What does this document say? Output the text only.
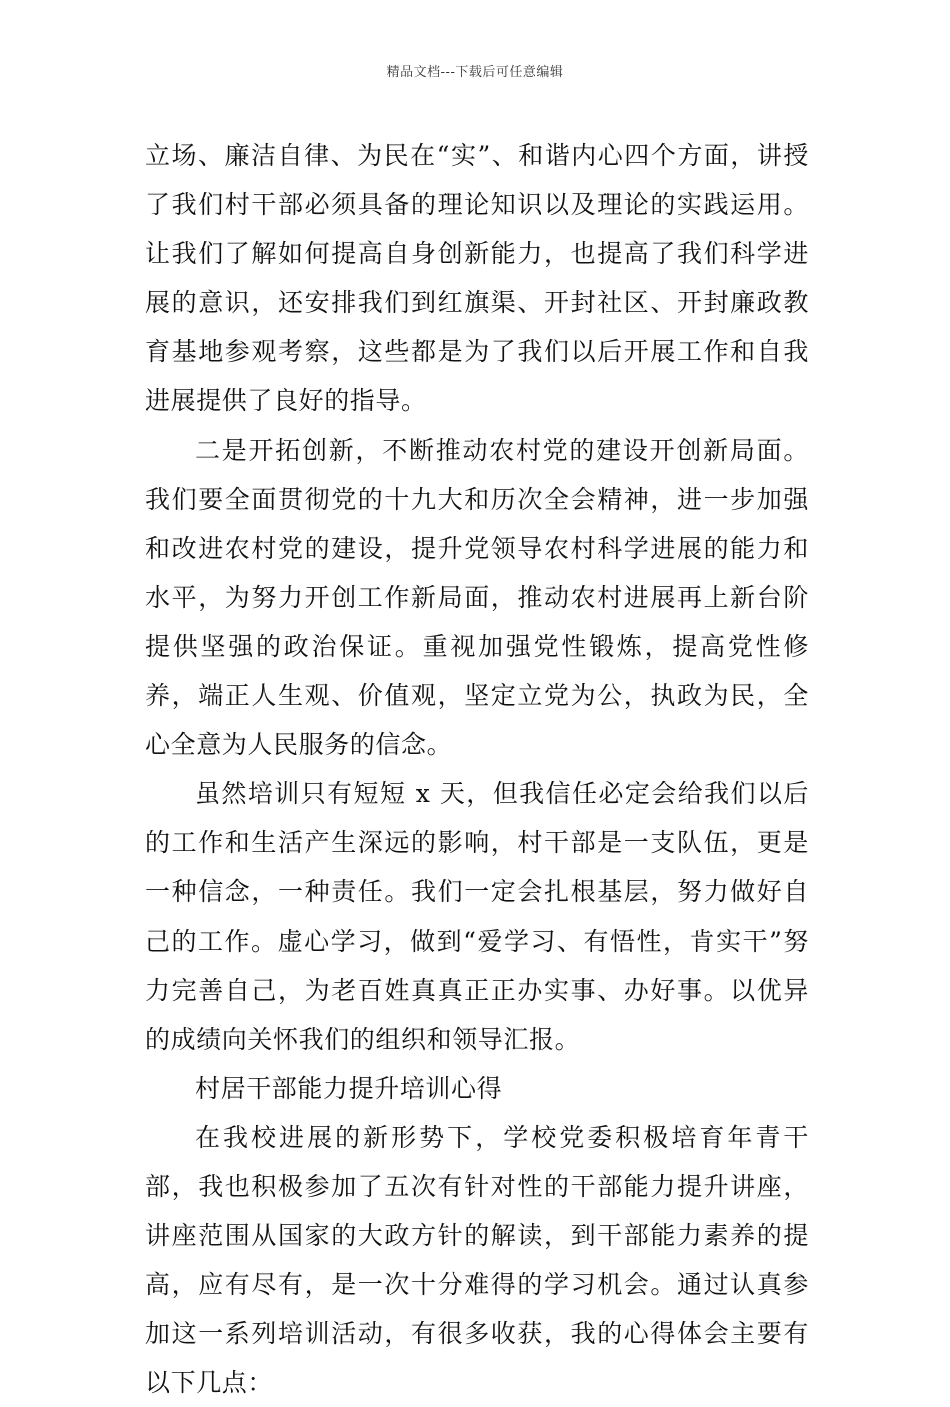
精品文档---下载后可任意编辑

立场、廉洁自律、为民在“实”、和谐内心四个方面，讲授了我们村干部必须具备的理论知识以及理论的实践运用。让我们了解如何提高自身创新能力，也提高了我们科学进展的意识，还安排我们到红旗渠、开封社区、开封廉政教育基地参观考察，这些都是为了我们以后开展工作和自我进展提供了良好的指导。

二是开拓创新，不断推动农村党的建设开创新局面。我们要全面贯彻党的十九大和历次全会精神，进一步加强和改进农村党的建设，提升党领导农村科学进展的能力和水平，为努力开创工作新局面，推动农村进展再上新台阶提供坚强的政治保证。重视加强党性锻炼，提高党性修养，端正人生观、价值观，坚定立党为公，执政为民，全心全意为人民服务的信念。

虽然培训只有短短 x 天，但我信任必定会给我们以后的工作和生活产生深远的影响，村干部是一支队伍，更是一种信念，一种责任。我们一定会扎根基层，努力做好自己的工作。虚心学习，做到“爱学习、有悟性，肯实干”努力完善自己，为老百姓真真正正办实事、办好事。以优异的成绩向关怀我们的组织和领导汇报。

村居干部能力提升培训心得

在我校进展的新形势下，学校党委积极培育年青干部，我也积极参加了五次有针对性的干部能力提升讲座，讲座范围从国家的大政方针的解读，到干部能力素养的提高，应有尽有，是一次十分难得的学习机会。通过认真参加这一系列培训活动，有很多收获，我的心得体会主要有以下几点：
